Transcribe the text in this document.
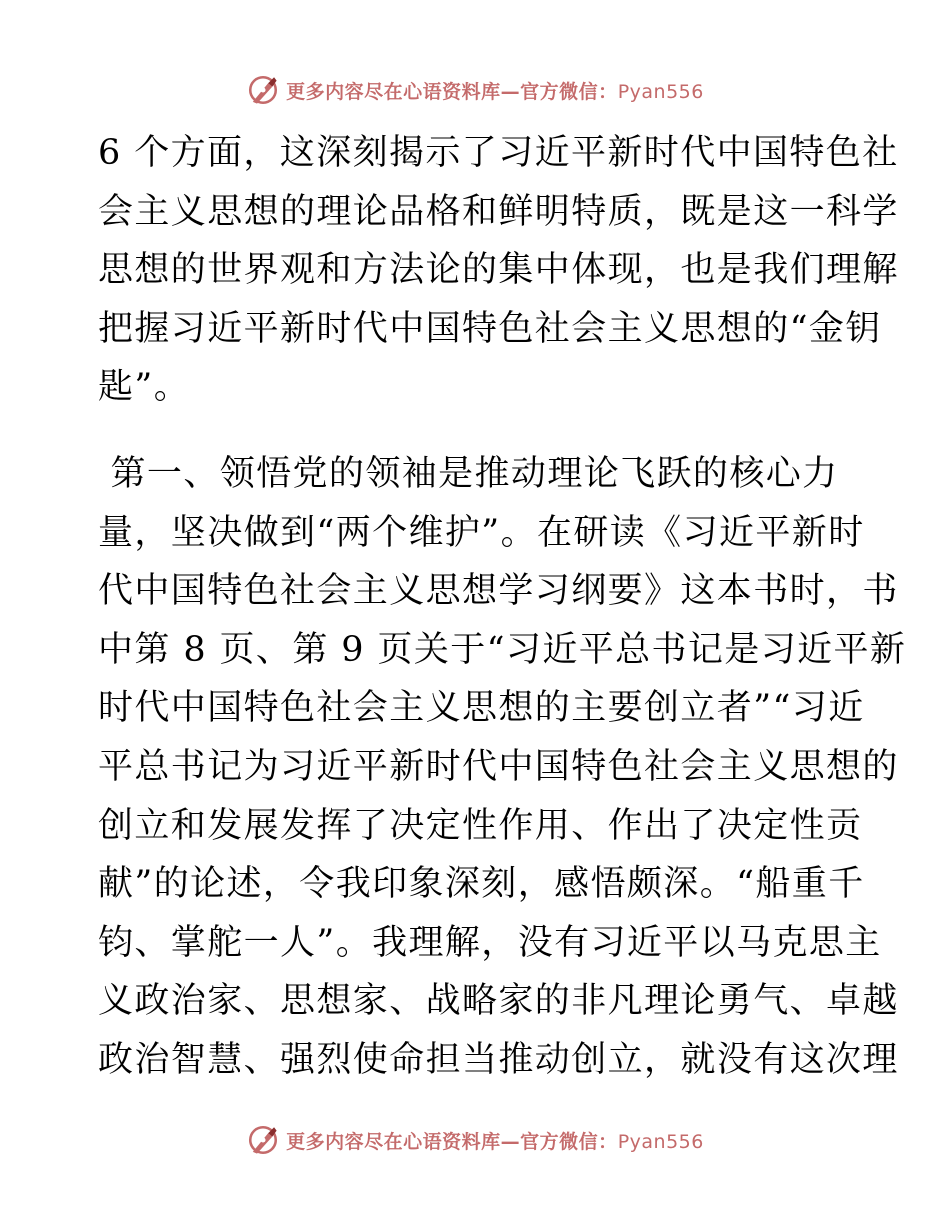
更多内容尽在心语资料库—官方微信：Pyan556
6 个方面，这深刻揭示了习近平新时代中国特色社
会主义思想的理论品格和鲜明特质，既是这一科学
思想的世界观和方法论的集中体现，也是我们理解
把握习近平新时代中国特色社会主义思想的“金钥
匙”。
第一、领悟党的领袖是推动理论飞跃的核心力
量，坚决做到“两个维护”。在研读《习近平新时
代中国特色社会主义思想学习纲要》这本书时，书
中第 8 页、第 9 页关于“习近平总书记是习近平新
时代中国特色社会主义思想的主要创立者”“习近
平总书记为习近平新时代中国特色社会主义思想的
创立和发展发挥了决定性作用、作出了决定性贡
献”的论述，令我印象深刻，感悟颇深。“船重千
钧、掌舵一人”。我理解，没有习近平以马克思主
义政治家、思想家、战略家的非凡理论勇气、卓越
政治智慧、强烈使命担当推动创立，就没有这次理
更多内容尽在心语资料库—官方微信：Pyan556
